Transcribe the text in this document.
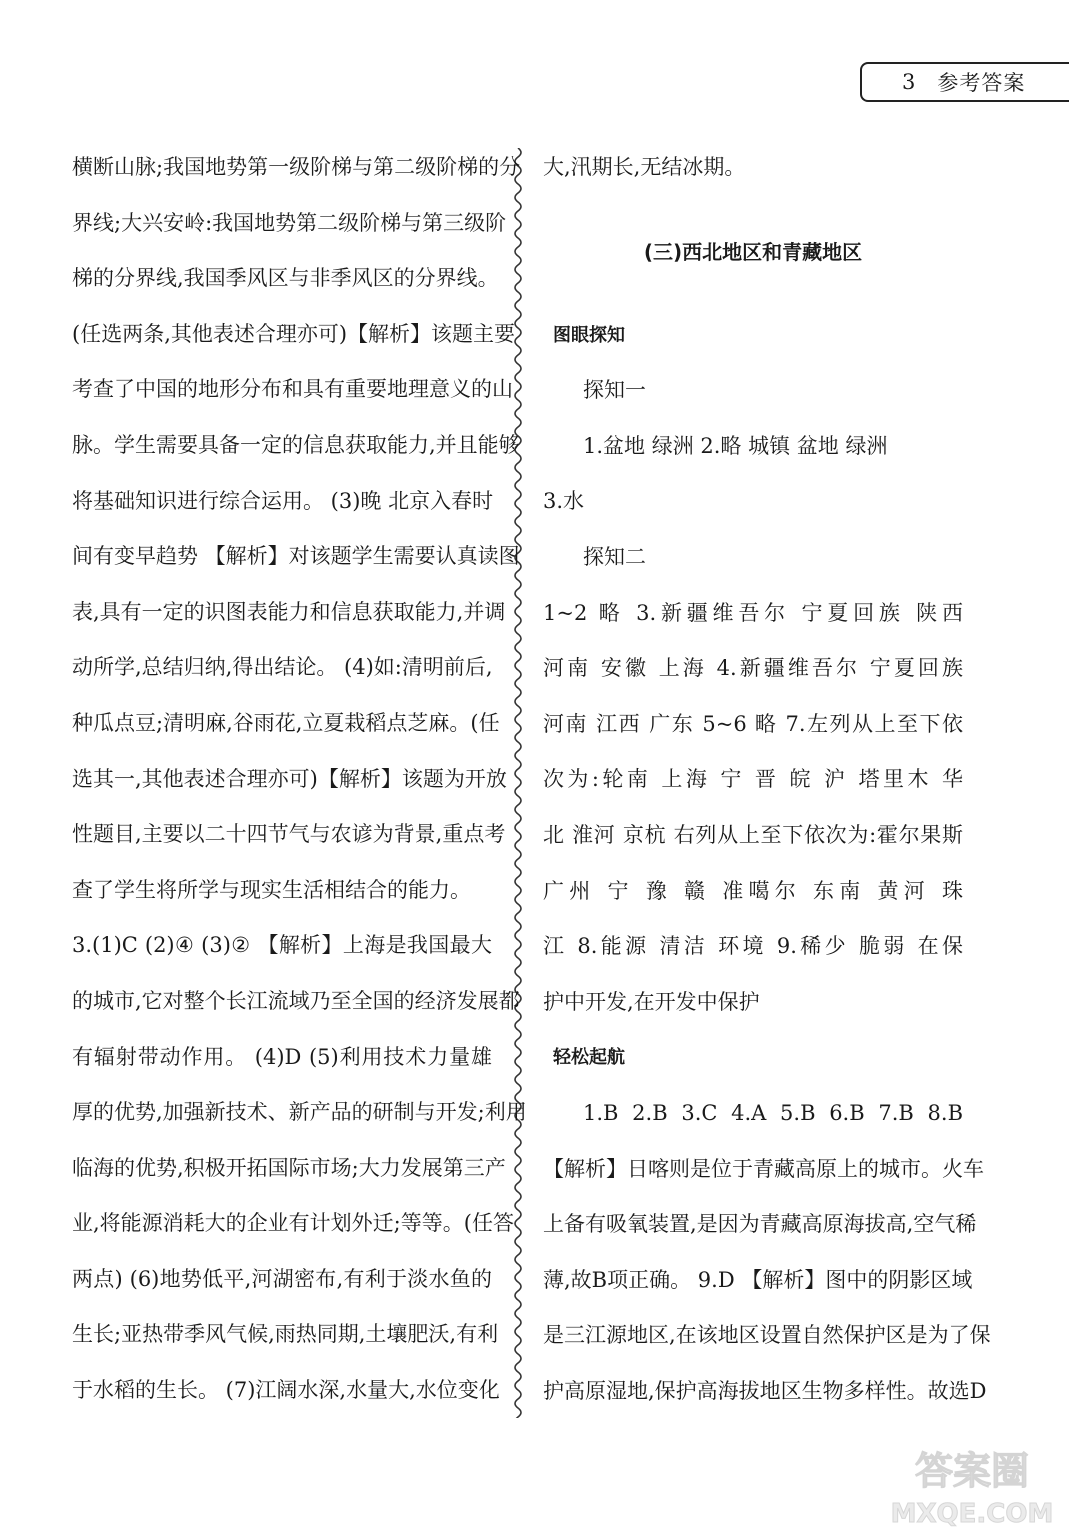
3 参考答案
横断山脉;我国地势第一级阶梯与第二级阶梯的分
界线;大兴安岭:我国地势第二级阶梯与第三级阶
梯的分界线,我国季风区与非季风区的分界线。
(任选两条,其他表述合理亦可)【解析】该题主要
考查了中国的地形分布和具有重要地理意义的山
脉。学生需要具备一定的信息获取能力,并且能够
将基础知识进行综合运用。 (3)晚 北京入春时
间有变早趋势 【解析】对该题学生需要认真读图
表,具有一定的识图表能力和信息获取能力,并调
动所学,总结归纳,得出结论。 (4)如:清明前后,
种瓜点豆;清明麻,谷雨花,立夏栽稻点芝麻。(任
选其一,其他表述合理亦可)【解析】该题为开放
性题目,主要以二十四节气与农谚为背景,重点考
查了学生将所学与现实生活相结合的能力。
3.(1)C (2)④ (3)② 【解析】上海是我国最大
的城市,它对整个长江流域乃至全国的经济发展都
有辐射带动作用。 (4)D (5)利用技术力量雄
厚的优势,加强新技术、新产品的研制与开发;利用
临海的优势,积极开拓国际市场;大力发展第三产
业,将能源消耗大的企业有计划外迁;等等。(任答
两点) (6)地势低平,河湖密布,有利于淡水鱼的
生长;亚热带季风气候,雨热同期,土壤肥沃,有利
于水稻的生长。 (7)江阔水深,水量大,水位变化
大,汛期长,无结冰期。
(三)西北地区和青藏地区
图眼探知
探知一
1.盆地 绿洲 2.略 城镇 盆地 绿洲
3.水
探知二
1~2 略 3.新疆维吾尔 宁夏回族 陕西
河南 安徽 上海 4.新疆维吾尔 宁夏回族
河南 江西 广东 5~6 略 7.左列从上至下依
次为:轮南 上海 宁 晋 皖 沪 塔里木 华
北 淮河 京杭 右列从上至下依次为:霍尔果斯
广州 宁 豫 赣 准噶尔 东南 黄河 珠
江 8.能源 清洁 环境 9.稀少 脆弱 在保
护中开发,在开发中保护
轻松起航
1.B 2.B 3.C 4.A 5.B 6.B 7.B 8.B
【解析】日喀则是位于青藏高原上的城市。火车
上备有吸氧装置,是因为青藏高原海拔高,空气稀
薄,故B项正确。 9.D 【解析】图中的阴影区域
是三江源地区,在该地区设置自然保护区是为了保
护高原湿地,保护高海拔地区生物多样性。故选D
答案圈
MXQE.COM
